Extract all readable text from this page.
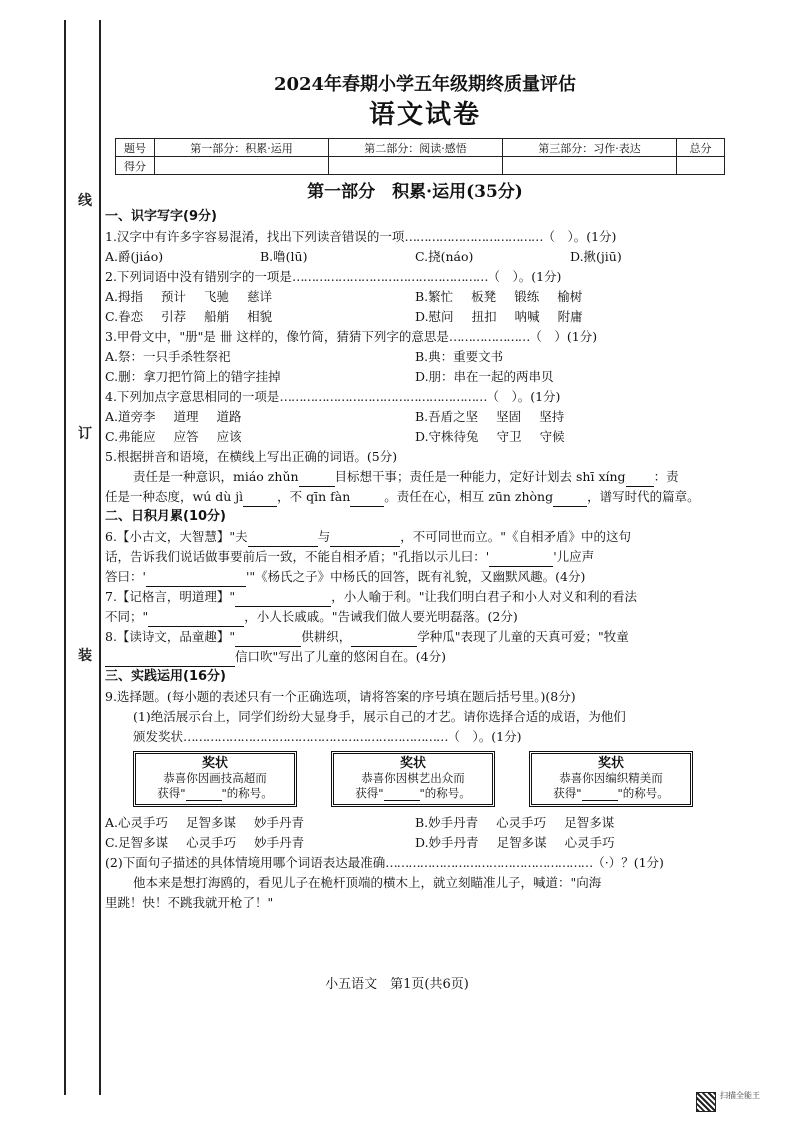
线
订
装
2024年春期小学五年级期终质量评估
语文试卷
题号	第一部分：积累·运用	第二部分：阅读·感悟	第三部分：习作·表达	总分
得分				
第一部分　积累·运用(35分)
一、识字写字(9分)
1.汉字中有许多字容易混淆，找出下列读音错误的一项………………………………（　）。(1分)
A.爵(jiáo)	B.噜(lū)	C.挠(náo)	D.揪(jiū)
2.下列词语中没有错别字的一项是……………………………………………（　）。(1分)
A.拇指 预计 飞驰 慈详	B.繁忙 板凳 锻练 榆树
C.眷恋 引荐 船艄 相貌	D.慰问 扭扣 呐喊 附庸
3.甲骨文中，"册"是 卌 这样的，像竹简，猜猜下列字的意思是…………………（　）(1分)
A.祭：一只手杀牲祭祀	B.典：重要文书
C.删：拿刀把竹简上的错字挂掉	D.朋：串在一起的两串贝
4.下列加点字意思相同的一项是………………………………………………（　）。(1分)
A.道旁李 道理 道路	B.吾盾之坚 坚固 坚持
C.弗能应 应答 应该	D.守株待兔 守卫 守候
5.根据拼音和语境，在横线上写出正确的词语。(5分)
责任是一种意识，miáo zhǔn	目标想干事；责任是一种能力，定好计划去 shī xíng ：责
任是一种态度，wú dù jì	，不 qīn fàn	。责任在心，相互 zūn zhòng	，谱写时代的篇章。
二、日积月累(10分)
6.【小古文，大智慧】"夫	与	，不可同世而立。"《自相矛盾》中的这句
话，告诉我们说话做事要前后一致，不能自相矛盾；"孔指以示儿曰：'	'儿应声
答曰：'	'"《杨氏之子》中杨氏的回答，既有礼貌，又幽默风趣。(4分)
7.【记格言，明道理】"	，小人喻于利。"让我们明白君子和小人对义和利的看法
不同；"	，小人长戚戚。"告诫我们做人要光明磊落。(2分)
8.【读诗文，品童趣】"	供耕织，	学种瓜"表现了儿童的天真可爱；"牧童
信口吹"写出了儿童的悠闲自在。(4分)
三、实践运用(16分)
9.选择题。(每小题的表述只有一个正确选项，请将答案的序号填在题后括号里。)(8分)
(1)绝活展示台上，同学们纷纷大显身手，展示自己的才艺。请你选择合适的成语，为他们
颁发奖状……………………………………………………………（　）。(1分)
奖状
恭喜你因画技高超而
获得"	"的称号。
奖状
恭喜你因棋艺出众而
获得"	"的称号。
奖状
恭喜你因编织精美而
获得"	"的称号。
A.心灵手巧 足智多谋 妙手丹青	B.妙手丹青 心灵手巧 足智多谋
C.足智多谋 心灵手巧 妙手丹青	D.妙手丹青 足智多谋 心灵手巧
(2)下面句子描述的具体情境用哪个词语表达最准确………………………………………………（·）？(1分)
他本来是想打海鸥的，看见儿子在桅杆顶端的横木上，就立刻瞄准儿子，喊道："向海
里跳！快！不跳我就开枪了！"
小五语文　第1页(共6页)
扫描全能王
